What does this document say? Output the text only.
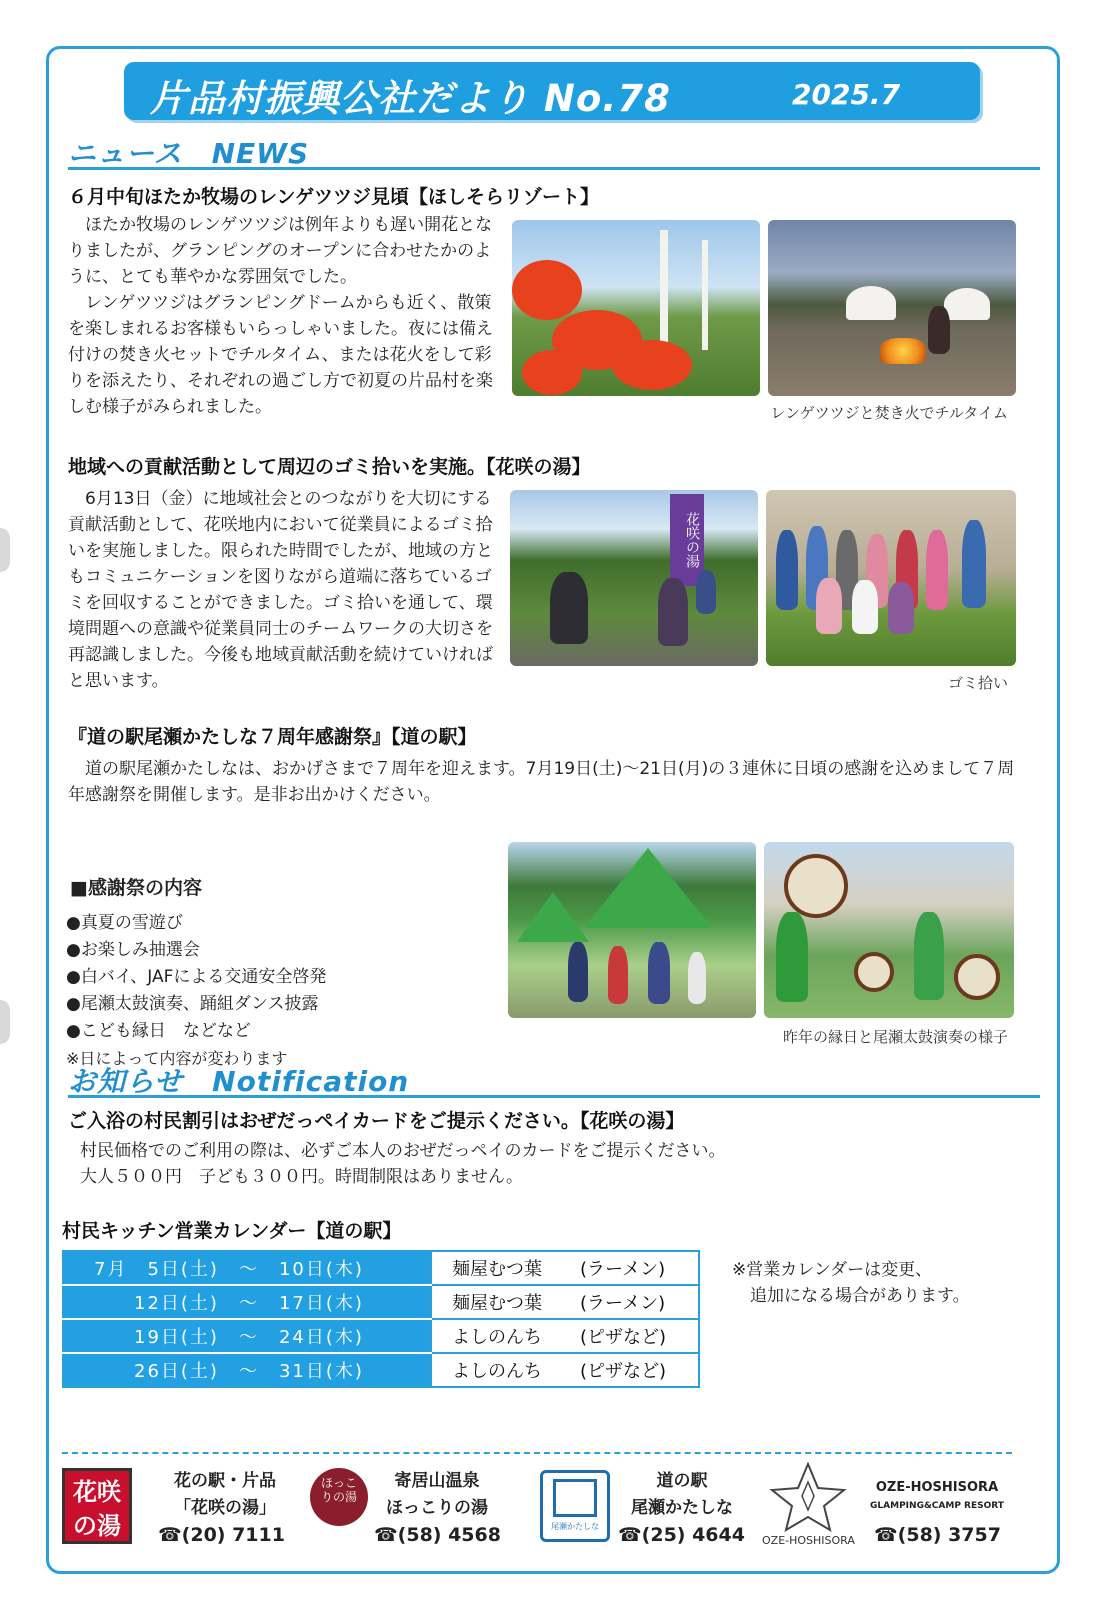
片品村振興公社だより No.78	2025.7
ニュース　NEWS
６月中旬ほたか牧場のレンゲツツジ見頃【ほしそらリゾート】

ほたか牧場のレンゲツツジは例年よりも遅い開花となりましたが、グランピングのオープンに合わせたかのように、とても華やかな雰囲気でした。

レンゲツツジはグランピングドームからも近く、散策を楽しまれるお客様もいらっしゃいました。夜には備え付けの焚き火セットでチルタイム、または花火をして彩りを添えたり、それぞれの過ごし方で初夏の片品村を楽しむ様子がみられました。	レンゲツツジと焚き火でチルタイム
地域への貢献活動として周辺のゴミ拾いを実施。【花咲の湯】

6月13日（金）に地域社会とのつながりを大切にする貢献活動として、花咲地内において従業員によるゴミ拾いを実施しました。限られた時間でしたが、地域の方ともコミュニケーションを図りながら道端に落ちているゴミを回収することができました。ゴミ拾いを通して、環境問題への意識や従業員同士のチームワークの大切さを再認識しました。今後も地域貢献活動を続けていければと思います。

花咲の湯
ゴミ拾い
『道の駅尾瀬かたしな７周年感謝祭』【道の駅】

道の駅尾瀬かたしなは、おかげさまで７周年を迎えます。7月19日(土)～21日(月)の３連休に日頃の感謝を込めまして７周年感謝祭を開催します。是非お出かけください。

■感謝祭の内容
●真夏の雪遊び
●お楽しみ抽選会
●白バイ、JAFによる交通安全啓発
●尾瀬太鼓演奏、踊組ダンス披露
●こども縁日　などなど
※日によって内容が変わります
昨年の縁日と尾瀬太鼓演奏の様子
お知らせ　Notification
ご入浴の村民割引はおぜだっペイカードをご提示ください。【花咲の湯】
村民価格でのご利用の際は、必ずご本人のおぜだっペイのカードをご提示ください。
大人５００円　子ども３００円。時間制限はありません。
村民キッチン営業カレンダー【道の駅】
7月　5日(土)　～　10日(木)	麺屋むつ葉 (ラーメン)
　　12日(土)　～　17日(木)	麺屋むつ葉 (ラーメン)
　　19日(土)　～　24日(木)	よしのんち (ピザなど)
　　26日(土)　～　31日(木)	よしのんち (ピザなど)
※営業カレンダーは変更、
追加になる場合があります。
花咲の湯
花の駅・片品
「花咲の湯」
☎(20) 7111
ほっこりの湯
寄居山温泉
ほっこりの湯
☎(58) 4568	尾瀬かたしな
道の駅
尾瀬かたしな
☎(25) 4644 OZE-HOSHISORA
OZE-HOSHISORA
GLAMPING&CAMP RESORT
☎(58) 3757
